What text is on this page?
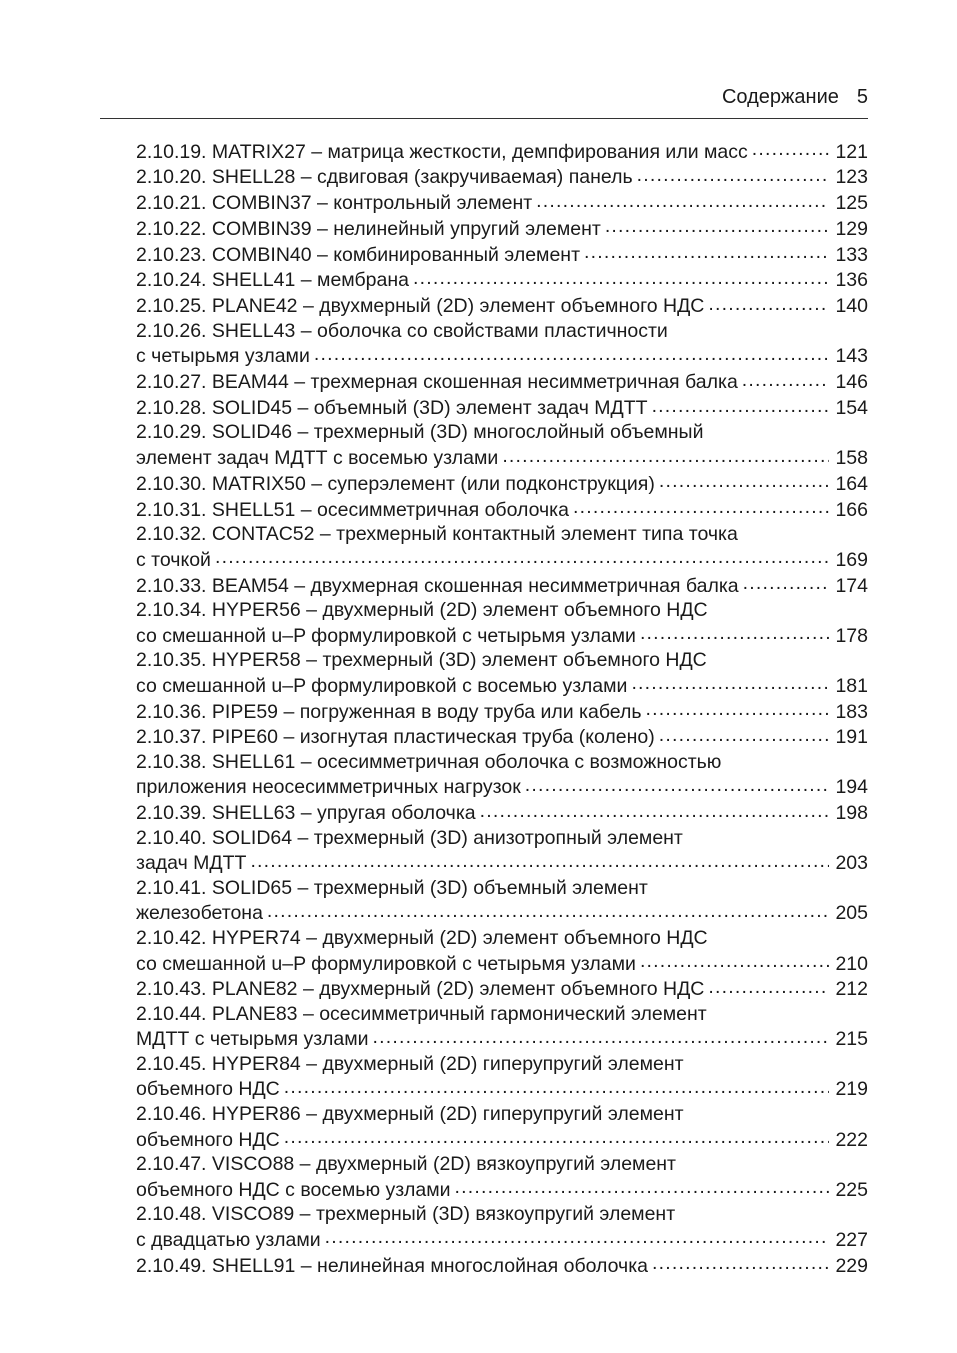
Содержание 5
2.10.19. MATRIX27 – матрица жесткости, демпфирования или масс .....	121
2.10.20. SHELL28 – сдвиговая (закручиваемая) панель .....	123
2.10.21. COMBIN37 – контрольный элемент .....	125
2.10.22. COMBIN39 – нелинейный упругий элемент .....	129
2.10.23. COMBIN40 – комбинированный элемент .....	133
2.10.24. SHELL41 – мембрана .....	136
2.10.25. PLANE42 – двухмерный (2D) элемент объемного НДС .....	140
2.10.26. SHELL43 – оболочка со свойствами пластичности
с четырьмя узлами .....	143
2.10.27. BEAM44 – трехмерная скошенная несимметричная балка .....	146
2.10.28. SOLID45 – объемный (3D) элемент задач МДТТ .....	154
2.10.29. SOLID46 – трехмерный (3D) многослойный объемный
элемент задач МДТТ с восемью узлами .....	158
2.10.30. MATRIX50 – суперэлемент (или подконструкция) .....	164
2.10.31. SHELL51 – осесимметричная оболочка .....	166
2.10.32. CONTAC52 – трехмерный контактный элемент типа точка
с точкой .....	169
2.10.33. BEAM54 – двухмерная скошенная несимметричная балка .....	174
2.10.34. HYPER56 – двухмерный (2D) элемент объемного НДС
со смешанной u–P формулировкой с четырьмя узлами .....	178
2.10.35. HYPER58 – трехмерный (3D) элемент объемного НДС
со смешанной u–P формулировкой с восемью узлами .....	181
2.10.36. PIPE59 – погруженная в воду труба или кабель .....	183
2.10.37. PIPE60 – изогнутая пластическая труба (колено) .....	191
2.10.38. SHELL61 – осесимметричная оболочка с возможностью
приложения неосесимметричных нагрузок .....	194
2.10.39. SHELL63 – упругая оболочка .....	198
2.10.40. SOLID64 – трехмерный (3D) анизотропный элемент
задач МДТТ .....	203
2.10.41. SOLID65 – трехмерный (3D) объемный элемент
железобетона .....	205
2.10.42. HYPER74 – двухмерный (2D) элемент объемного НДС
со смешанной u–P формулировкой с четырьмя узлами .....	210
2.10.43. PLANE82 – двухмерный (2D) элемент объемного НДС .....	212
2.10.44. PLANE83 – осесимметричный гармонический элемент
МДТТ с четырьмя узлами .....	215
2.10.45. HYPER84 – двухмерный (2D) гиперупругий элемент
объемного НДС .....	219
2.10.46. HYPER86 – двухмерный (2D) гиперупругий элемент
объемного НДС .....	222
2.10.47. VISCO88 – двухмерный (2D) вязкоупругий элемент
объемного НДС с восемью узлами .....	225
2.10.48. VISCO89 – трехмерный (3D) вязкоупругий элемент
с двадцатью узлами .....	227
2.10.49. SHELL91 – нелинейная многослойная оболочка .....	229
